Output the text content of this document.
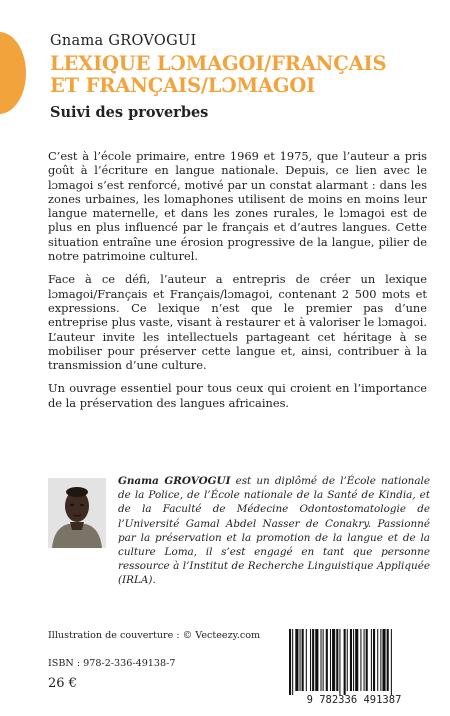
Gnama GROVOGUI
LEXIQUE LƆMAGOI/FRANÇAIS
ET FRANÇAIS/LƆMAGOI
Suivi des proverbes

C’est à l’école primaire, entre 1969 et 1975, que l’auteur a pris goût à l’écriture en langue nationale. Depuis, ce lien avec le lɔmagoi s’est renforcé, motivé par un constat alarmant : dans les zones urbaines, les lomaphones utilisent de moins en moins leur langue maternelle, et dans les zones rurales, le lɔmagoi est de plus en plus influencé par le français et d’autres langues. Cette situation entraîne une érosion progressive de la langue, pilier de notre patrimoine culturel.

Face à ce défi, l’auteur a entrepris de créer un lexique lɔmagoi/Français et Français/lɔmagoi, contenant 2 500 mots et expressions. Ce lexique n’est que le premier pas d’une entreprise plus vaste, visant à restaurer et à valoriser le lɔmagoi. L’auteur invite les intellectuels partageant cet héritage à se mobiliser pour préserver cette langue et, ainsi, contribuer à la transmission d’une culture.

Un ouvrage essentiel pour tous ceux qui croient en l’importance de la préservation des langues africaines.

Gnama GROVOGUI est un diplômé de l’École nationale de la Police, de l’École nationale de la Santé de Kindia, et de la Faculté de Médecine Odontostomatologie de l’Université Gamal Abdel Nasser de Conakry. Passionné par la préservation et la promotion de la langue et de la culture Loma, il s’est engagé en tant que personne ressource à l’Institut de Recherche Linguistique Appliquée (IRLA).
Illustration de couverture : © Vecteezy.com
ISBN : 978-2-336-49138-7
26 €
9 782336 491387
